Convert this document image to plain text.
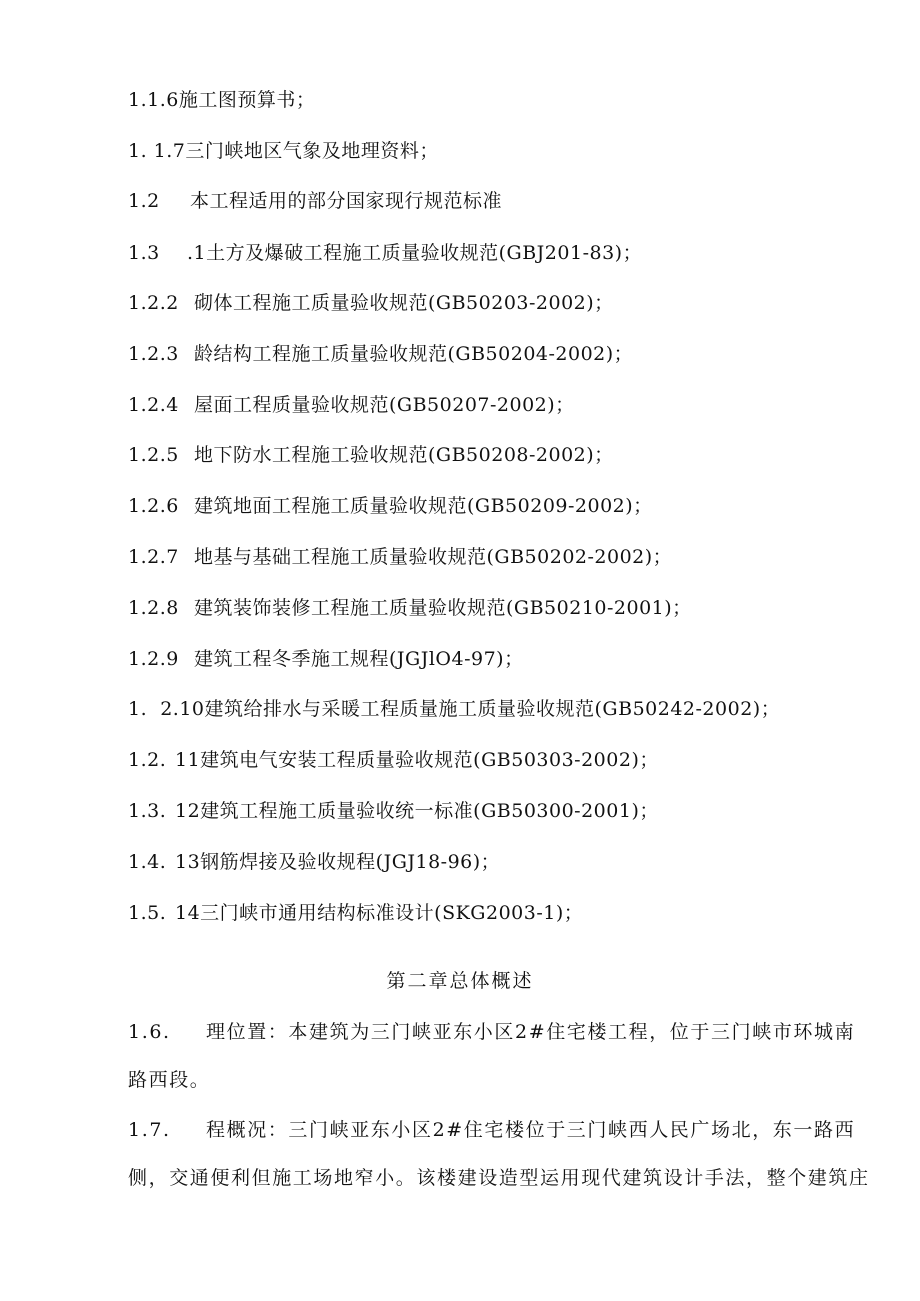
1.1.6施工图预算书；
1. 1.7三门峡地区气象及地理资料；
1.2 本工程适用的部分国家现行规范标准
1.3 .1土方及爆破工程施工质量验收规范(GBJ201-83)；
1.2.2 砌体工程施工质量验收规范(GB50203-2002)；
1.2.3 龄结构工程施工质量验收规范(GB50204-2002)；
1.2.4 屋面工程质量验收规范(GB50207-2002)；
1.2.5 地下防水工程施工验收规范(GB50208-2002)；
1.2.6 建筑地面工程施工质量验收规范(GB50209-2002)；
1.2.7 地基与基础工程施工质量验收规范(GB50202-2002)；
1.2.8 建筑装饰装修工程施工质量验收规范(GB50210-2001)；
1.2.9 建筑工程冬季施工规程(JGJlO4-97)；
1.  2.10建筑给排水与采暖工程质量施工质量验收规范(GB50242-2002)；
1.2. 11建筑电气安装工程质量验收规范(GB50303-2002)；
1.3. 12建筑工程施工质量验收统一标准(GB50300-2001)；
1.4. 13钢筋焊接及验收规程(JGJ18-96)；
1.5. 14三门峡市通用结构标准设计(SKG2003-1)；
第二章总体概述
1.6. 理位置：本建筑为三门峡亚东小区2#住宅楼工程，位于三门峡市环城南
路西段。
1.7. 程概况：三门峡亚东小区2#住宅楼位于三门峡西人民广场北，东一路西
侧，交通便利但施工场地窄小。该楼建设造型运用现代建筑设计手法，整个建筑庄
